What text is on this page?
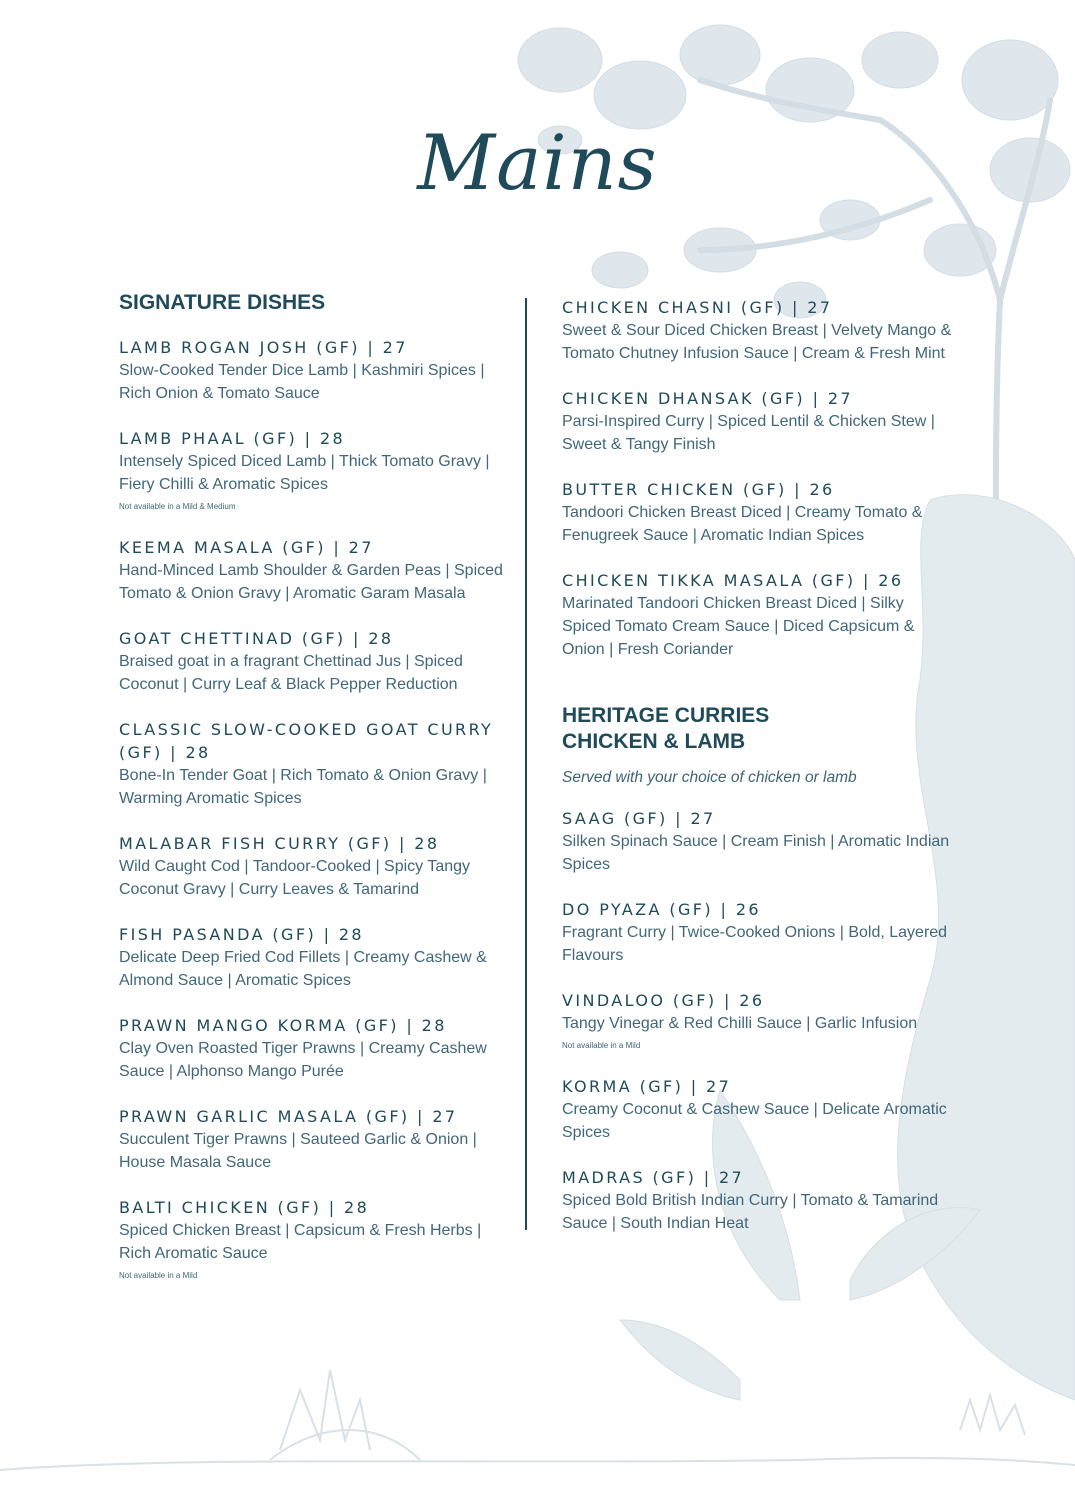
Mains
SIGNATURE DISHES

LAMB ROGAN JOSH (GF) | 27

Slow-Cooked Tender Dice Lamb | Kashmiri Spices | Rich Onion & Tomato Sauce

LAMB PHAAL (GF) | 28

Intensely Spiced Diced Lamb | Thick Tomato Gravy | Fiery Chilli & Aromatic Spices

Not available in a Mild & Medium

KEEMA MASALA (GF) | 27

Hand-Minced Lamb Shoulder & Garden Peas | Spiced Tomato & Onion Gravy | Aromatic Garam Masala

GOAT CHETTINAD (GF) | 28

Braised goat in a fragrant Chettinad Jus | Spiced Coconut | Curry Leaf & Black Pepper Reduction

CLASSIC SLOW-COOKED GOAT CURRY (GF) | 28

Bone-In Tender Goat | Rich Tomato & Onion Gravy | Warming Aromatic Spices

MALABAR FISH CURRY (GF) | 28

Wild Caught Cod | Tandoor-Cooked | Spicy Tangy Coconut Gravy | Curry Leaves & Tamarind

FISH PASANDA (GF) | 28

Delicate Deep Fried Cod Fillets | Creamy Cashew & Almond Sauce | Aromatic Spices

PRAWN MANGO KORMA (GF) | 28

Clay Oven Roasted Tiger Prawns | Creamy Cashew Sauce | Alphonso Mango Purée

PRAWN GARLIC MASALA (GF) | 27

Succulent Tiger Prawns | Sauteed Garlic & Onion | House Masala Sauce

BALTI CHICKEN (GF) | 28

Spiced Chicken Breast | Capsicum & Fresh Herbs | Rich Aromatic Sauce

Not available in a Mild

CHICKEN CHASNI (GF) | 27

Sweet & Sour Diced Chicken Breast | Velvety Mango & Tomato Chutney Infusion Sauce | Cream & Fresh Mint

CHICKEN DHANSAK (GF) | 27

Parsi-Inspired Curry | Spiced Lentil & Chicken Stew | Sweet & Tangy Finish

BUTTER CHICKEN (GF) | 26

Tandoori Chicken Breast Diced | Creamy Tomato & Fenugreek Sauce | Aromatic Indian Spices

CHICKEN TIKKA MASALA (GF) | 26

Marinated Tandoori Chicken Breast Diced | Silky Spiced Tomato Cream Sauce | Diced Capsicum & Onion | Fresh Coriander

HERITAGE CURRIES
CHICKEN & LAMB

Served with your choice of chicken or lamb

SAAG (GF) | 27

Silken Spinach Sauce | Cream Finish | Aromatic Indian Spices

DO PYAZA (GF) | 26

Fragrant Curry | Twice-Cooked Onions | Bold, Layered Flavours

VINDALOO (GF) | 26

Tangy Vinegar & Red Chilli Sauce | Garlic Infusion

Not available in a Mild

KORMA (GF) | 27

Creamy Coconut & Cashew Sauce | Delicate Aromatic Spices

MADRAS (GF) | 27

Spiced Bold British Indian Curry | Tomato & Tamarind Sauce | South Indian Heat
